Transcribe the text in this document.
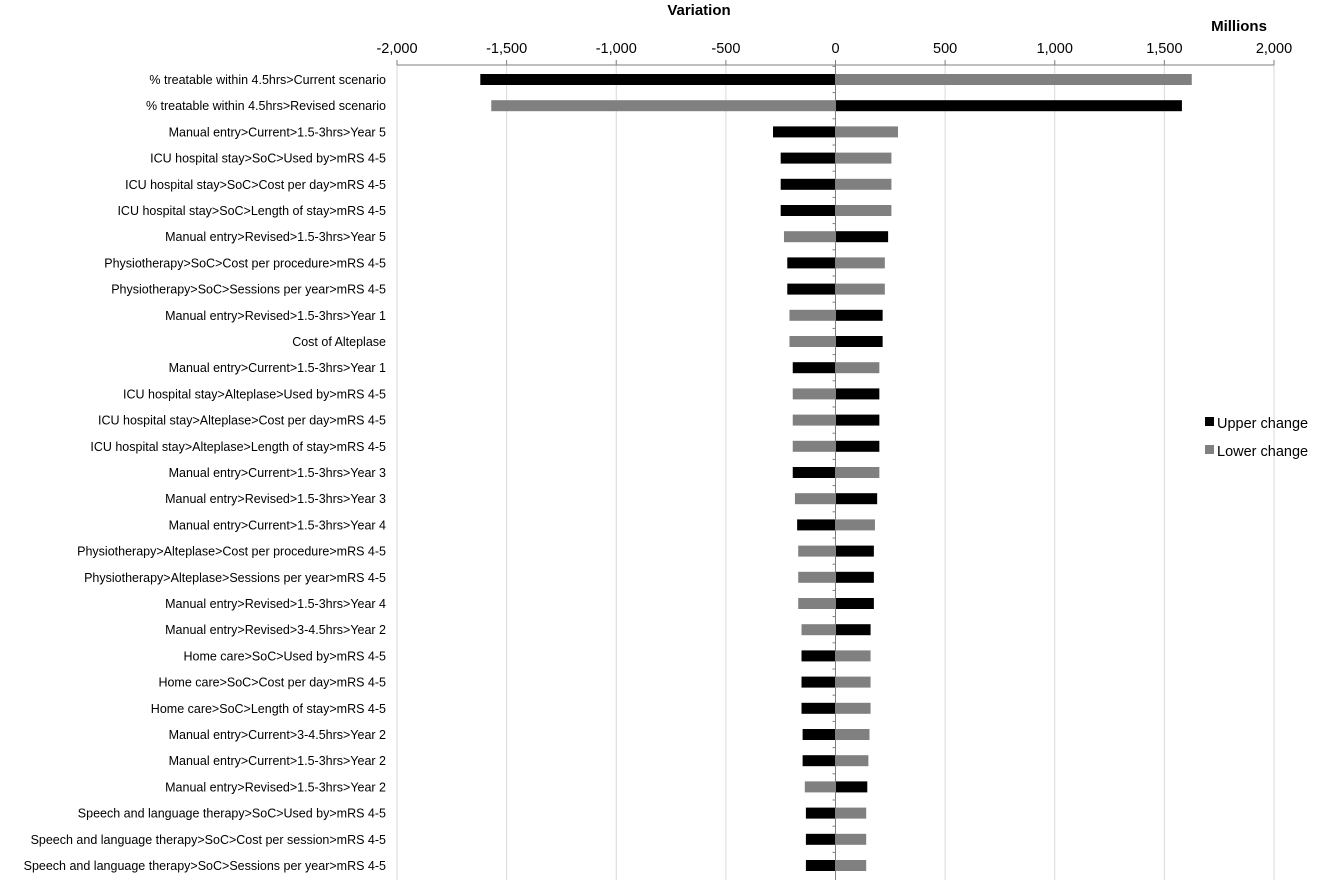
-2,000	-1,500	-1,000	-500	0	500	1,000	1,500	2,000
% treatable within 4.5hrs>Current scenario
% treatable within 4.5hrs>Revised scenario
Manual entry>Current>1.5-3hrs>Year 5
ICU hospital stay>SoC>Used by>mRS 4-5
ICU hospital stay>SoC>Cost per day>mRS 4-5
ICU hospital stay>SoC>Length of stay>mRS 4-5
Manual entry>Revised>1.5-3hrs>Year 5
Physiotherapy>SoC>Cost per procedure>mRS 4-5
Physiotherapy>SoC>Sessions per year>mRS 4-5
Manual entry>Revised>1.5-3hrs>Year 1
Cost of Alteplase
Manual entry>Current>1.5-3hrs>Year 1
ICU hospital stay>Alteplase>Used by>mRS 4-5
ICU hospital stay>Alteplase>Cost per day>mRS 4-5
ICU hospital stay>Alteplase>Length of stay>mRS 4-5
Manual entry>Current>1.5-3hrs>Year 3
Manual entry>Revised>1.5-3hrs>Year 3
Manual entry>Current>1.5-3hrs>Year 4
Physiotherapy>Alteplase>Cost per procedure>mRS 4-5
Physiotherapy>Alteplase>Sessions per year>mRS 4-5
Manual entry>Revised>1.5-3hrs>Year 4
Manual entry>Revised>3-4.5hrs>Year 2
Home care>SoC>Used by>mRS 4-5
Home care>SoC>Cost per day>mRS 4-5
Home care>SoC>Length of stay>mRS 4-5
Manual entry>Current>3-4.5hrs>Year 2
Manual entry>Current>1.5-3hrs>Year 2
Manual entry>Revised>1.5-3hrs>Year 2
Speech and language therapy>SoC>Used by>mRS 4-5
Speech and language therapy>SoC>Cost per session>mRS 4-5
Speech and language therapy>SoC>Sessions per year>mRS 4-5
Variation
Millions
Upper change
Lower change
